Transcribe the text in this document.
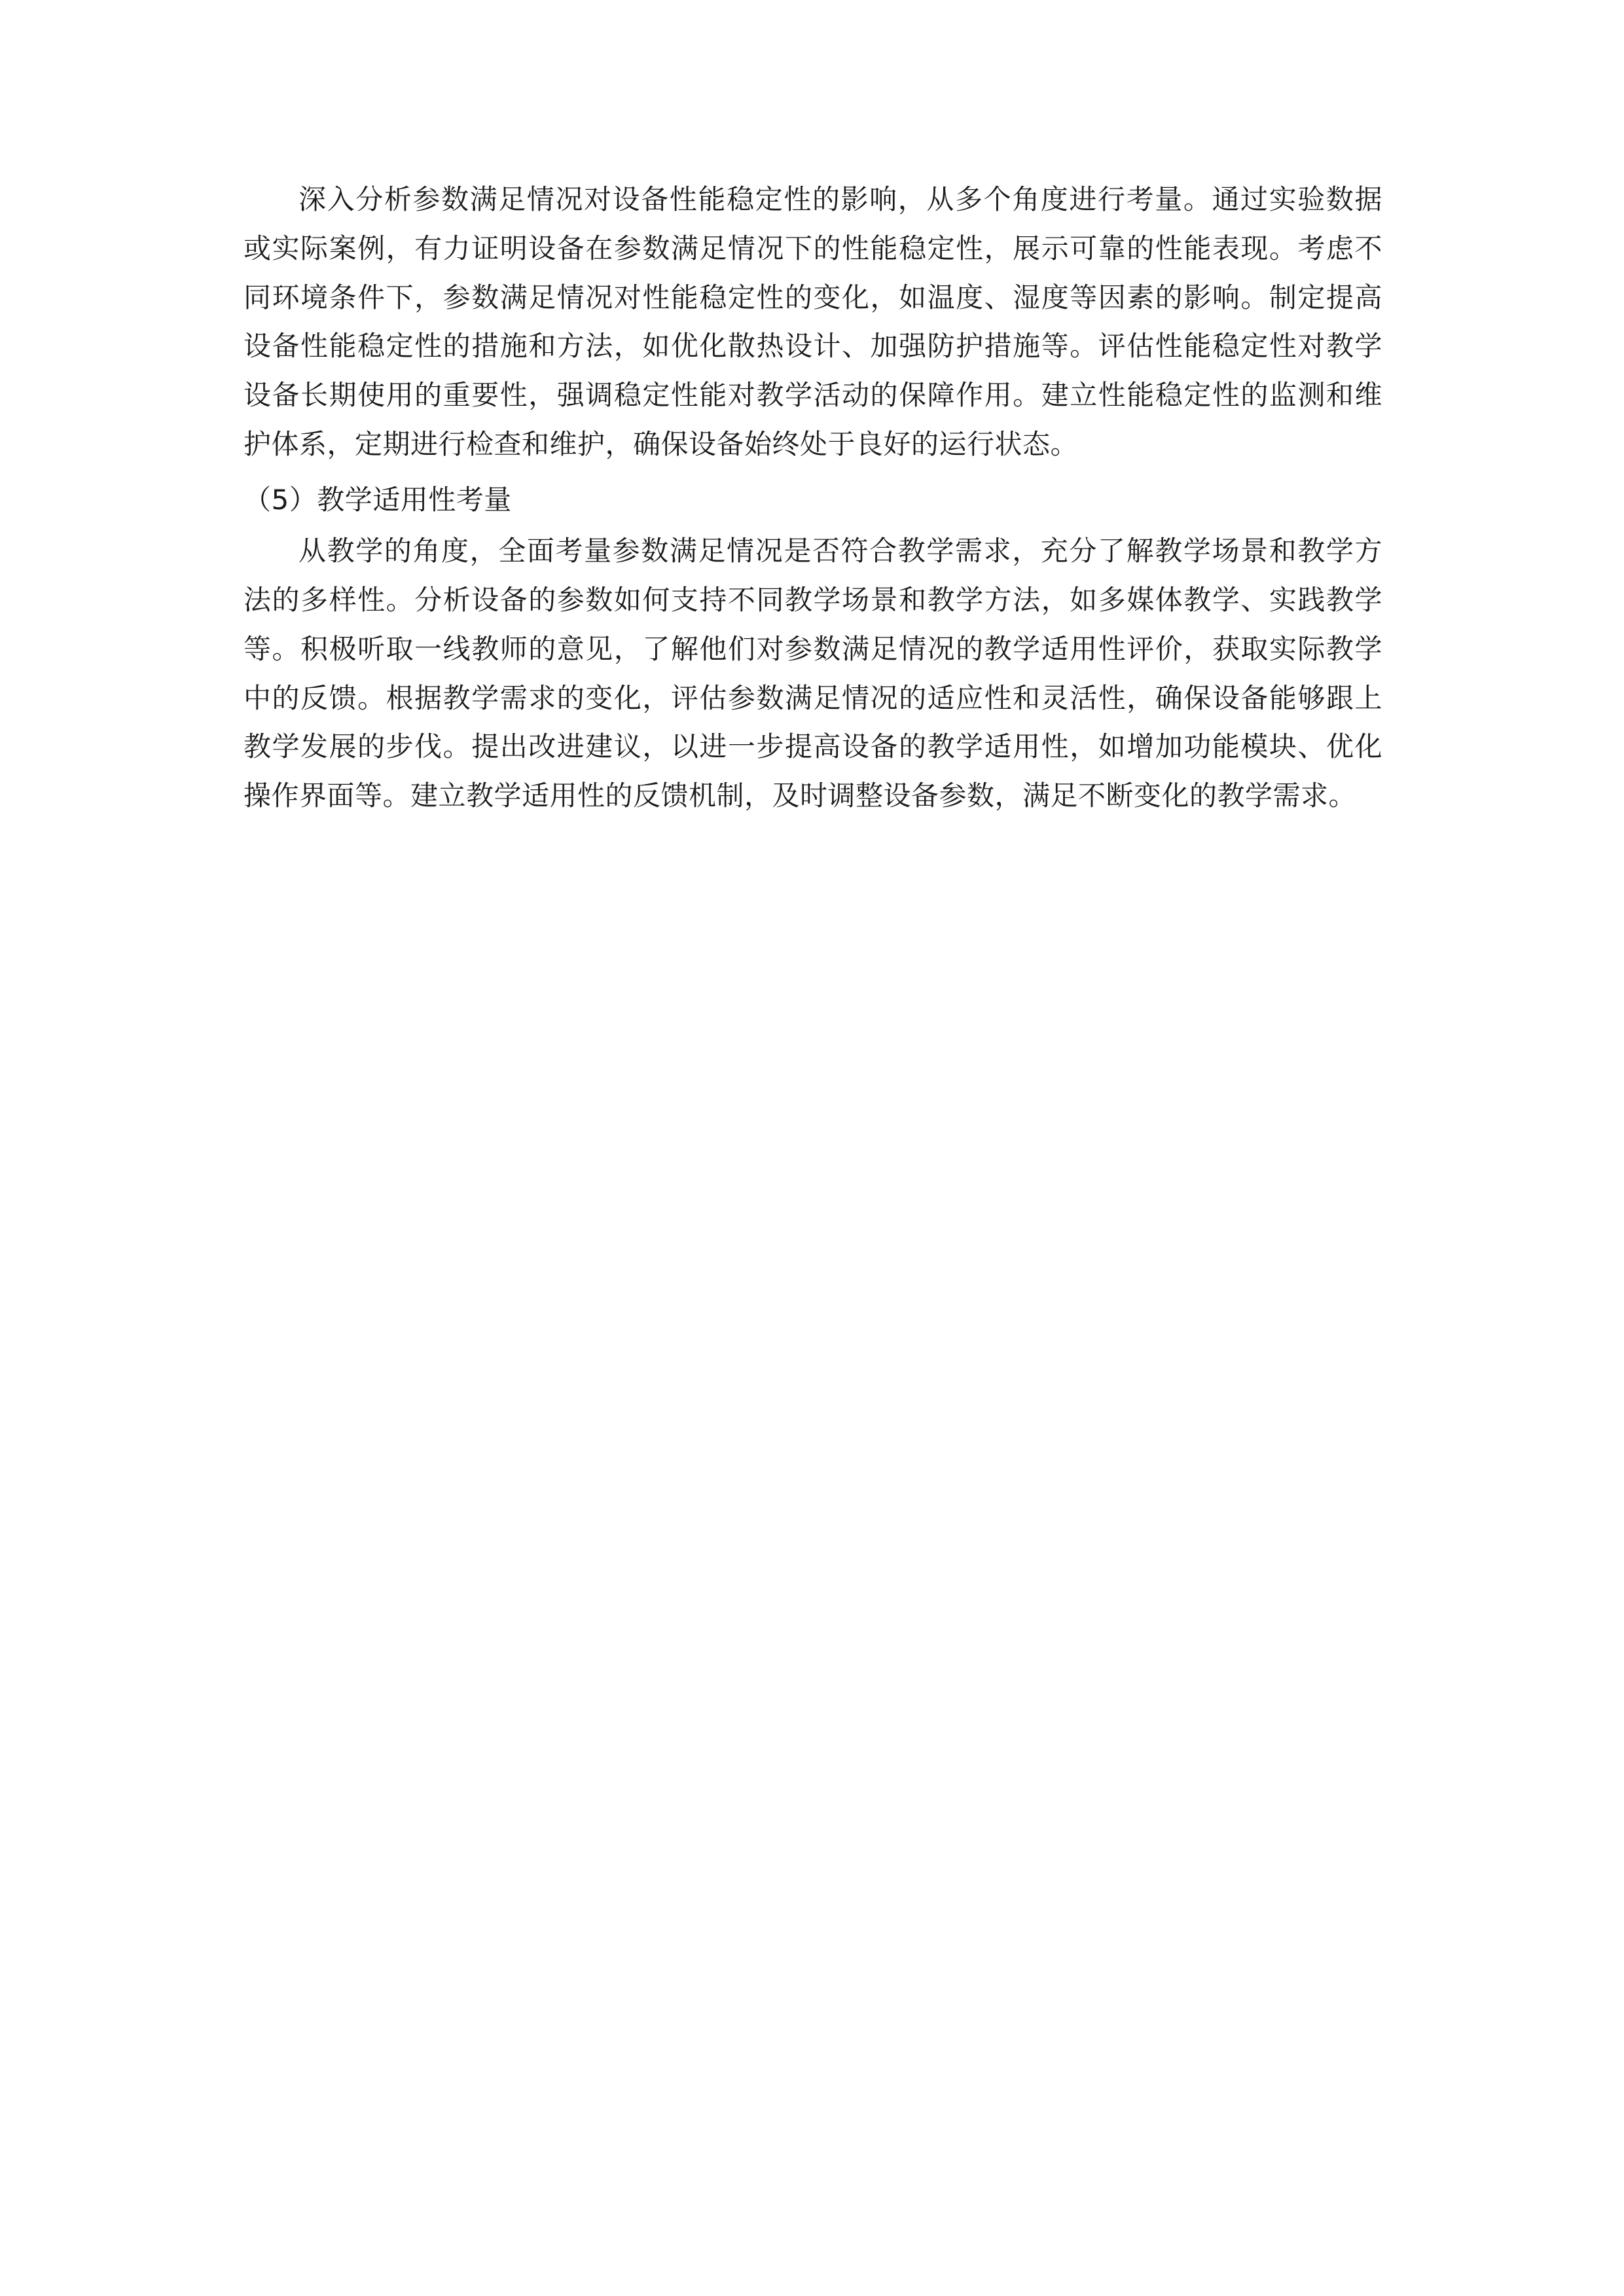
深入分析参数满足情况对设备性能稳定性的影响，从多个角度进行考量。通过实验数据或实际案例，有力证明设备在参数满足情况下的性能稳定性，展示可靠的性能表现。考虑不同环境条件下，参数满足情况对性能稳定性的变化，如温度、湿度等因素的影响。制定提高设备性能稳定性的措施和方法，如优化散热设计、加强防护措施等。评估性能稳定性对教学设备长期使用的重要性，强调稳定性能对教学活动的保障作用。建立性能稳定性的监测和维护体系，定期进行检查和维护，确保设备始终处于良好的运行状态。

（5）教学适用性考量

从教学的角度，全面考量参数满足情况是否符合教学需求，充分了解教学场景和教学方法的多样性。分析设备的参数如何支持不同教学场景和教学方法，如多媒体教学、实践教学等。积极听取一线教师的意见，了解他们对参数满足情况的教学适用性评价，获取实际教学中的反馈。根据教学需求的变化，评估参数满足情况的适应性和灵活性，确保设备能够跟上教学发展的步伐。提出改进建议，以进一步提高设备的教学适用性，如增加功能模块、优化操作界面等。建立教学适用性的反馈机制，及时调整设备参数，满足不断变化的教学需求。
